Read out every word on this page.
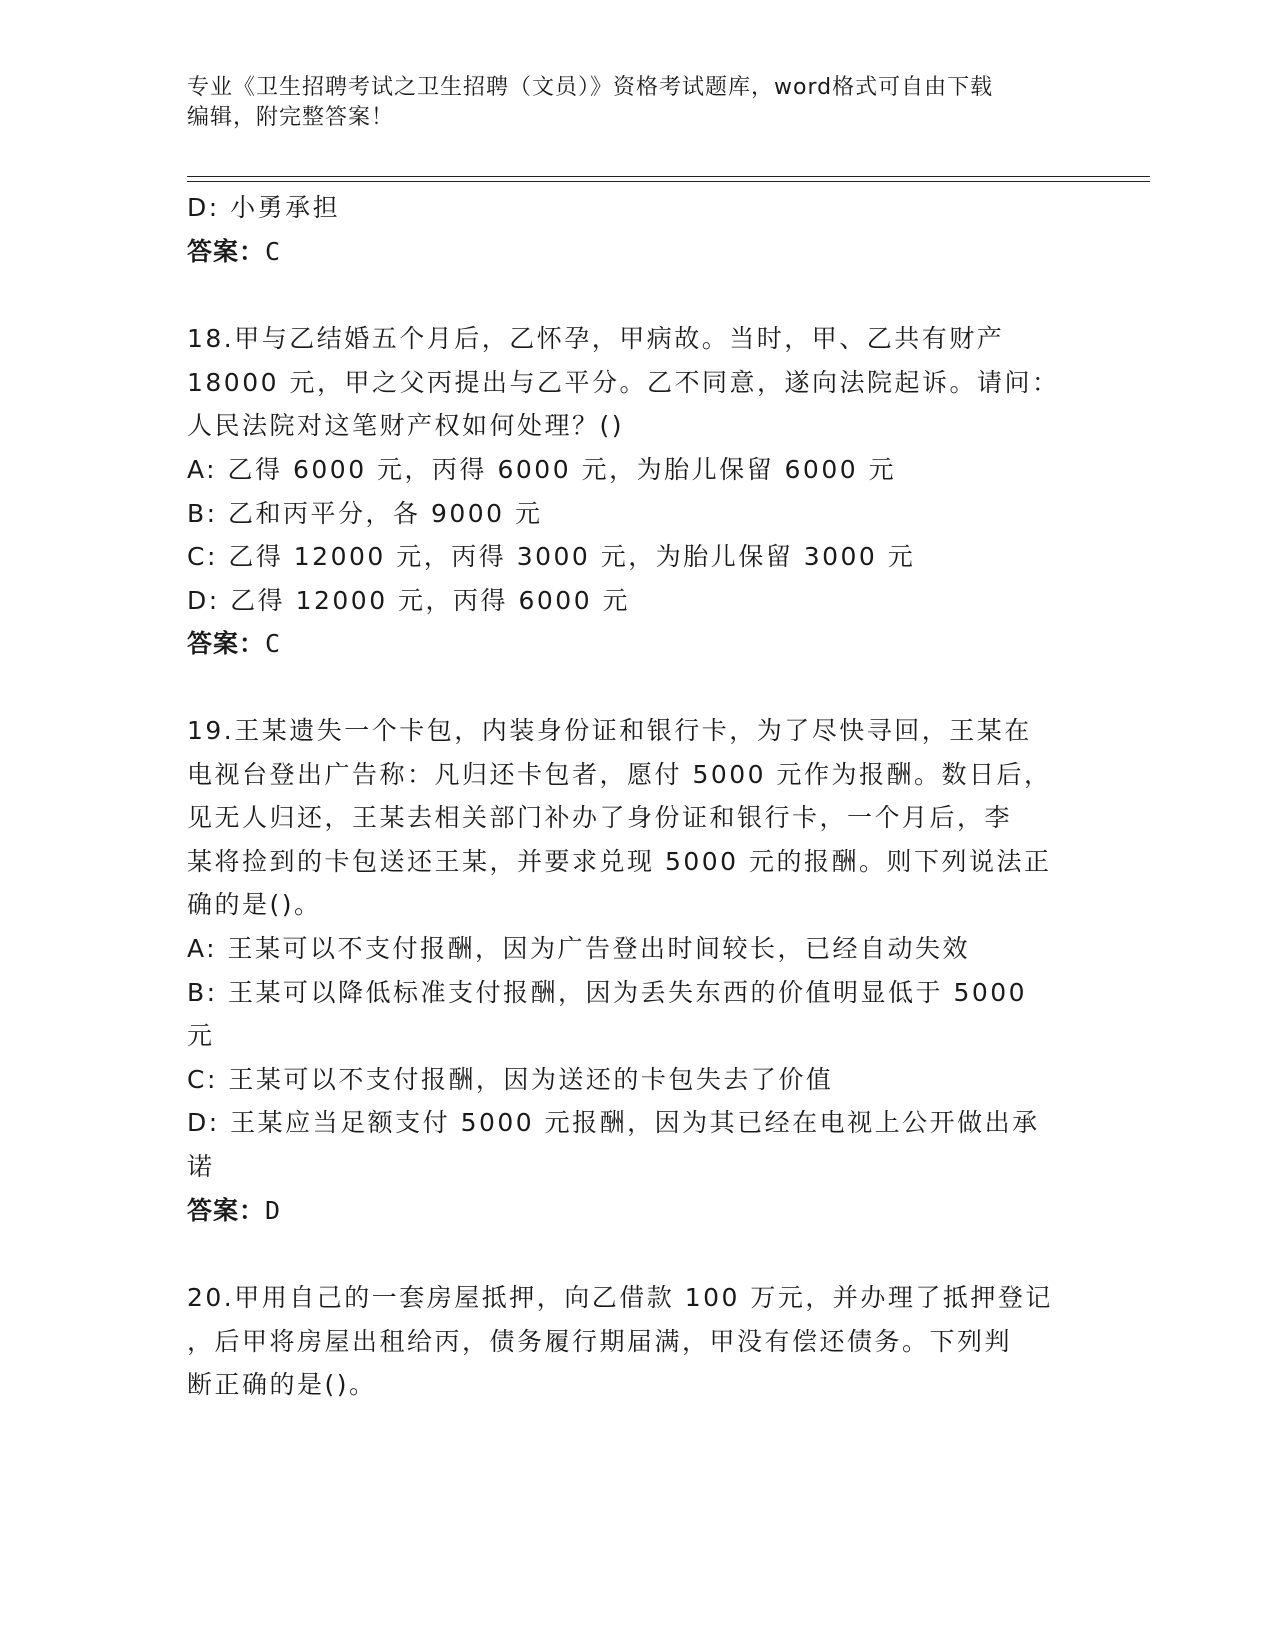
专业《卫生招聘考试之卫生招聘（文员）》资格考试题库，word格式可自由下载
编辑，附完整答案！
D: 小勇承担
答案：C
18.甲与乙结婚五个月后，乙怀孕，甲病故。当时，甲、乙共有财产
18000 元，甲之父丙提出与乙平分。乙不同意，遂向法院起诉。请问：
人民法院对这笔财产权如何处理？()
A: 乙得 6000 元，丙得 6000 元，为胎儿保留 6000 元
B: 乙和丙平分，各 9000 元
C: 乙得 12000 元，丙得 3000 元，为胎儿保留 3000 元
D: 乙得 12000 元，丙得 6000 元
答案：C
19.王某遗失一个卡包，内装身份证和银行卡，为了尽快寻回，王某在
电视台登出广告称：凡归还卡包者，愿付 5000 元作为报酬。数日后，
见无人归还，王某去相关部门补办了身份证和银行卡，一个月后，李
某将捡到的卡包送还王某，并要求兑现 5000 元的报酬。则下列说法正
确的是()。
A: 王某可以不支付报酬，因为广告登出时间较长，已经自动失效
B: 王某可以降低标准支付报酬，因为丢失东西的价值明显低于 5000
元
C: 王某可以不支付报酬，因为送还的卡包失去了价值
D: 王某应当足额支付 5000 元报酬，因为其已经在电视上公开做出承
诺
答案：D
20.甲用自己的一套房屋抵押，向乙借款 100 万元，并办理了抵押登记
，后甲将房屋出租给丙，债务履行期届满，甲没有偿还债务。下列判
断正确的是()。
